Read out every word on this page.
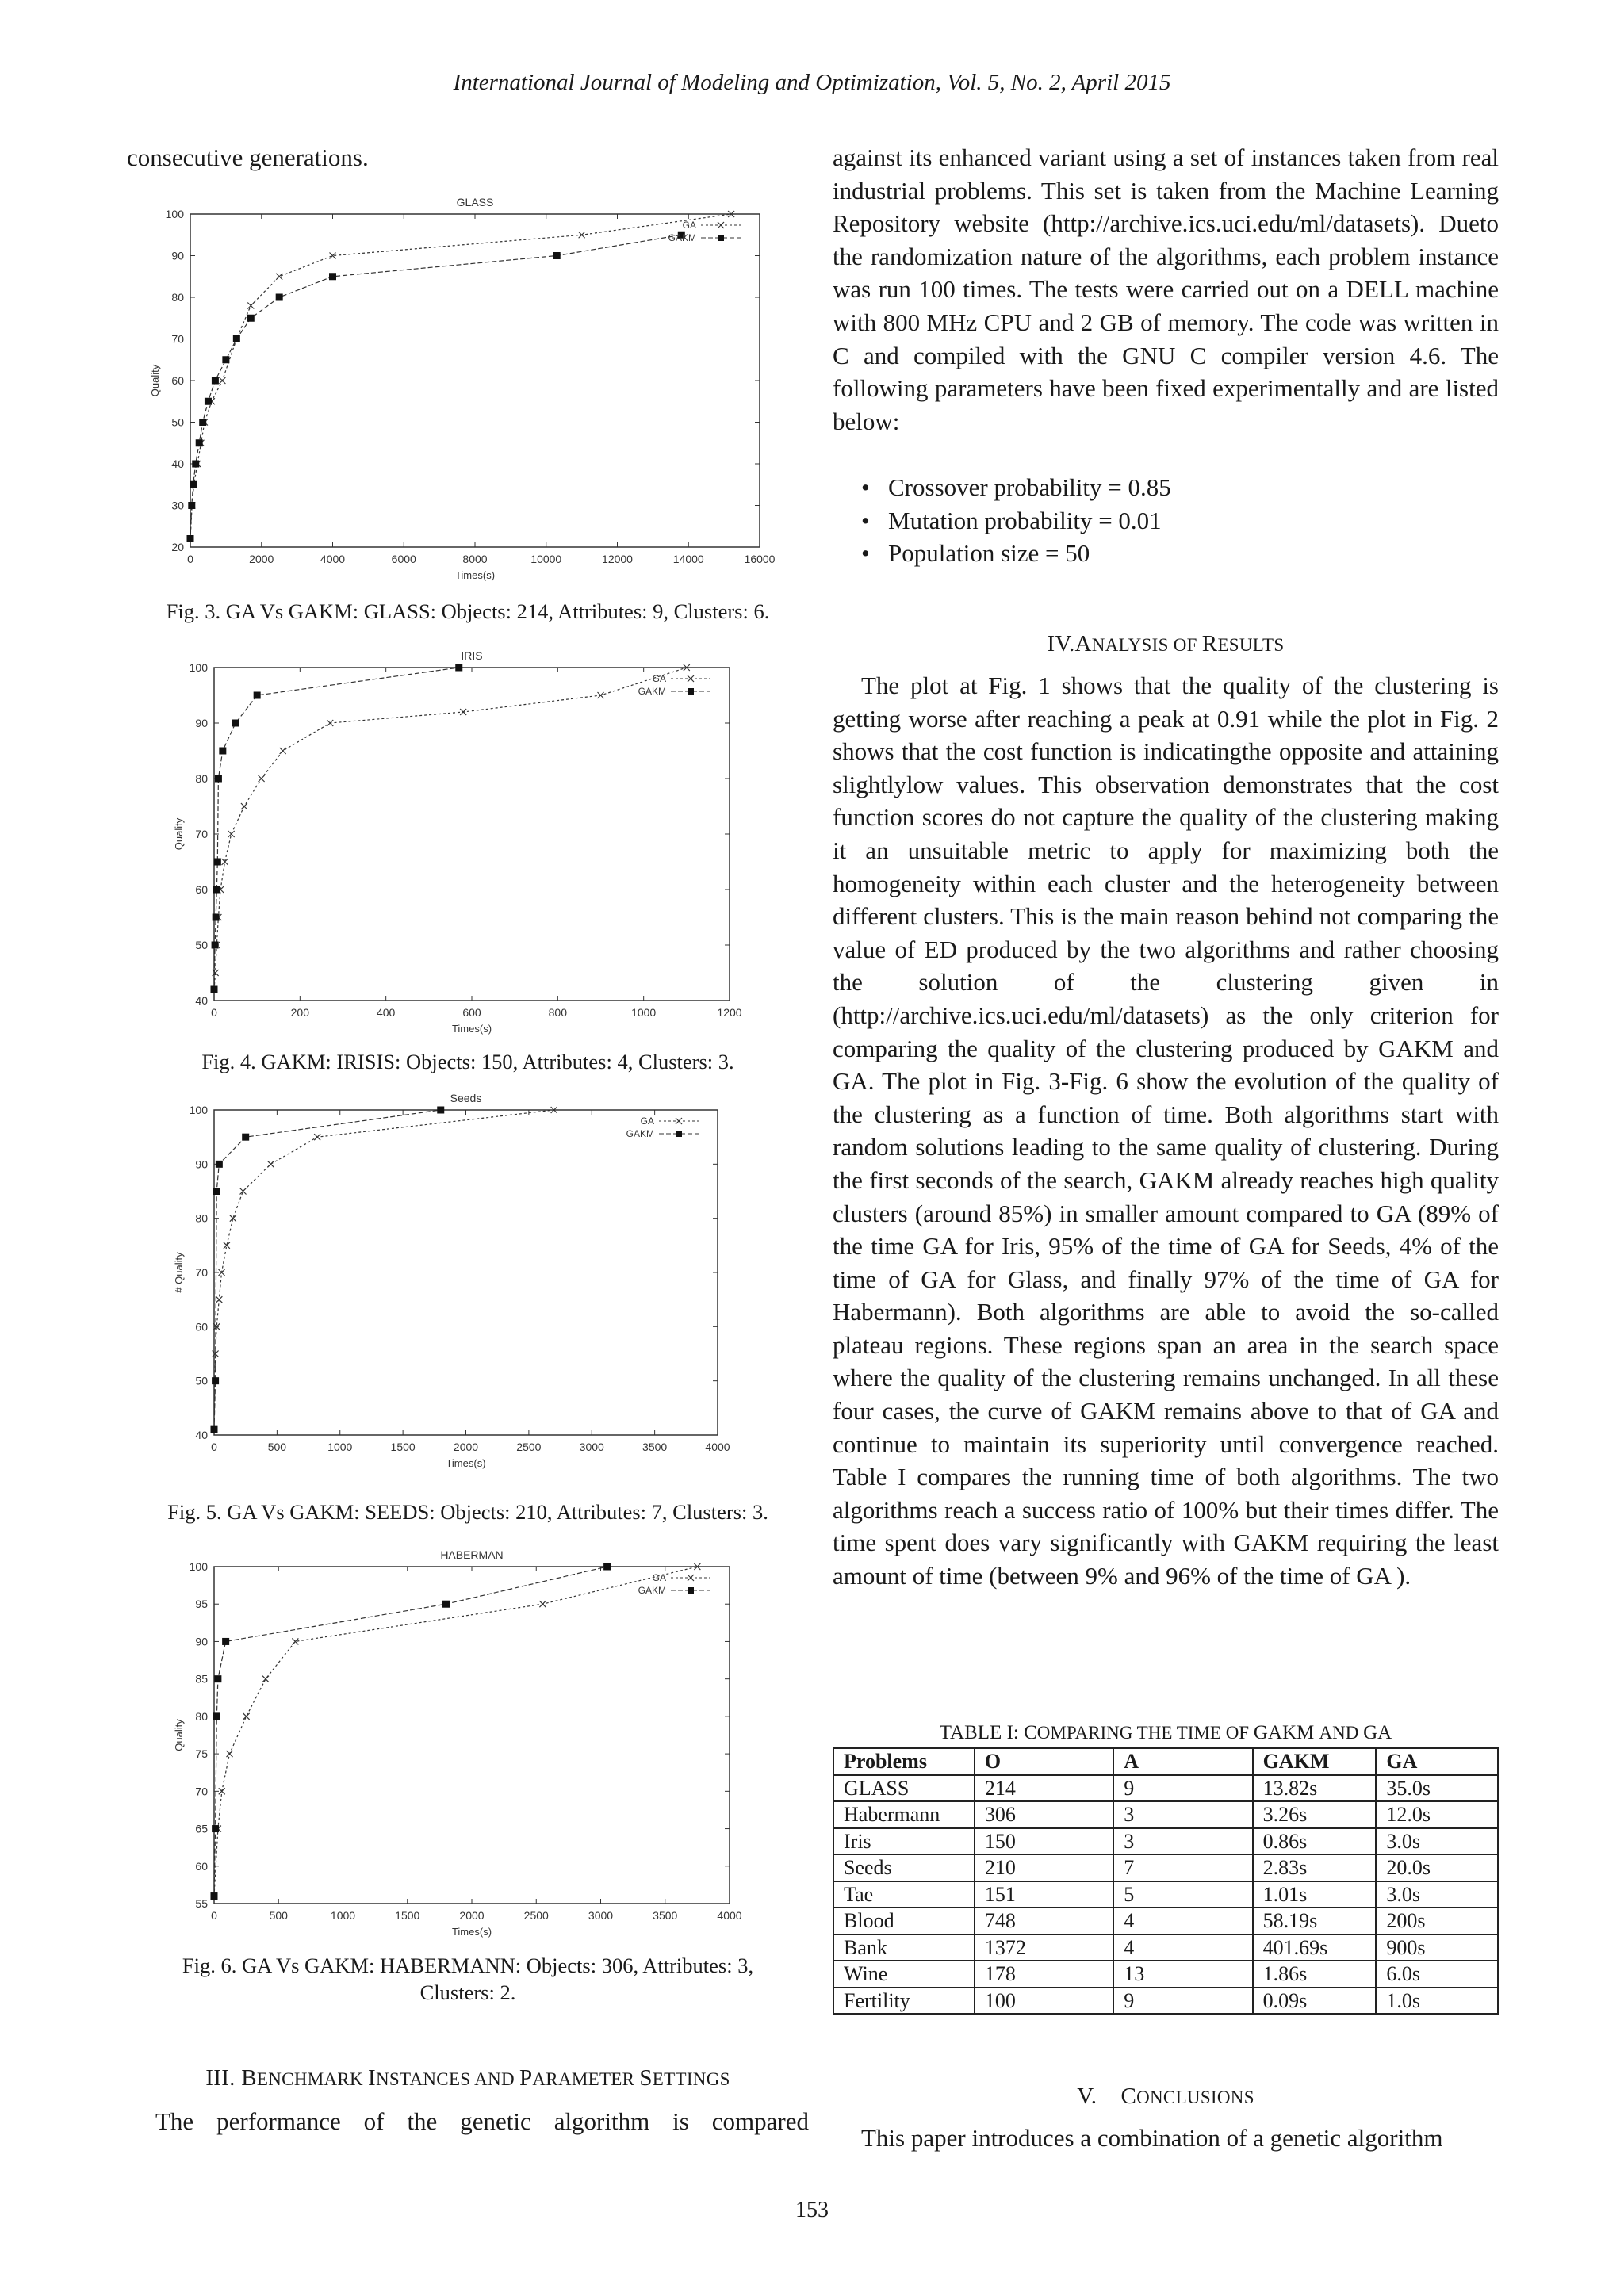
International Journal of Modeling and Optimization, Vol. 5, No. 2, April 2015
consecutive generations.
GLASS
0	2000	4000	6000	8000	10000	12000	14000	16000
20
30
40
50
60
70
80
90
100
Times(s)
Quality
GA
GAKM
Fig. 3. GA Vs GAKM: GLASS: Objects: 214, Attributes: 9, Clusters: 6.
IRIS
0	200	400	600	800	1000	1200
40
50
60
70
80
90
100
Times(s)
Quality
GA
GAKM
Fig. 4. GAKM: IRISIS: Objects: 150, Attributes: 4, Clusters: 3.
Seeds
0	500	1000	1500	2000	2500	3000	3500	4000
40
50
60
70
80
90
100
Times(s)
# Quality
GA
GAKM
Fig. 5. GA Vs GAKM: SEEDS: Objects: 210, Attributes: 7, Clusters: 3.
HABERMAN
0	500	1000	1500	2000	2500	3000	3500	4000
55
60
65
70
75
80
85
90
95
100
Times(s)
Quality
GA
GAKM
Fig. 6. GA Vs GAKM: HABERMANN: Objects: 306, Attributes: 3,
Clusters: 2.
III. BENCHMARK INSTANCES AND PARAMETER SETTINGS
The performance of the genetic algorithm is compared
against its enhanced variant using a set of instances taken from real industrial problems. This set is taken from the Machine Learning Repository website (http://archive.ics.uci.edu/ml/datasets). Dueto the randomization nature of the algorithms, each problem instance was run 100 times. The tests were carried out on a DELL machine with 800 MHz CPU and 2 GB of memory. The code was written in C and compiled with the GNU C compiler version 4.6. The following parameters have been fixed experimentally and are listed below:
• Crossover probability = 0.85
• Mutation probability = 0.01
• Population size = 50
IV.ANALYSIS OF RESULTS
The plot at Fig. 1 shows that the quality of the clustering is getting worse after reaching a peak at 0.91 while the plot in Fig. 2 shows that the cost function is indicatingthe opposite and attaining slightlylow values. This observation demonstrates that the cost function scores do not capture the quality of the clustering making it an unsuitable metric to apply for maximizing both the homogeneity within each cluster and the heterogeneity between different clusters. This is the main reason behind not comparing the value of ED produced by the two algorithms and rather choosing the solution of the clustering given in (http://archive.ics.uci.edu/ml/datasets) as the only criterion for comparing the quality of the clustering produced by GAKM and GA. The plot in Fig. 3-Fig. 6 show the evolution of the quality of the clustering as a function of time. Both algorithms start with random solutions leading to the same quality of clustering. During the first seconds of the search, GAKM already reaches high quality clusters (around 85%) in smaller amount compared to GA (89% of the time GA for Iris, 95% of the time of GA for Seeds, 4% of the time of GA for Glass, and finally 97% of the time of GA for Habermann). Both algorithms are able to avoid the so-called plateau regions. These regions span an area in the search space where the quality of the clustering remains unchanged. In all these four cases, the curve of GAKM remains above to that of GA and continue to maintain its superiority until convergence reached. Table I compares the running time of both algorithms. The two algorithms reach a success ratio of 100% but their times differ. The time spent does vary significantly with GAKM requiring the least amount of time (between 9% and 96% of the time of GA ).
TABLE I: COMPARING THE TIME OF GAKM AND GA
Problems	O	A	GAKM	GA
GLASS	214	9	13.82s	35.0s
Habermann	306	3	3.26s	12.0s
Iris	150	3	0.86s	3.0s
Seeds	210	7	2.83s	20.0s
Tae	151	5	1.01s	3.0s
Blood	748	4	58.19s	200s
Bank	1372	4	401.69s	900s
Wine	178	13	1.86s	6.0s
Fertility	100	9	0.09s	1.0s
V. CONCLUSIONS
This paper introduces a combination of a genetic algorithm
153
